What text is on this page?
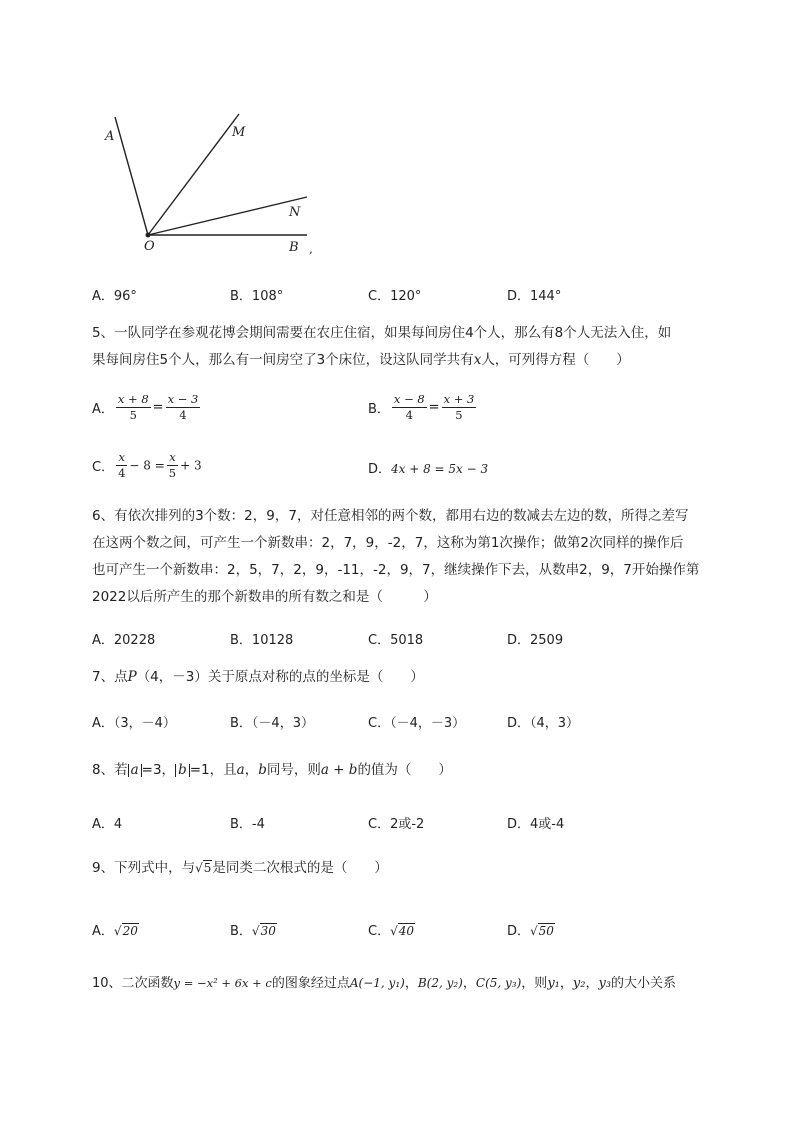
A	M
N
O	B ,
A．96°	B．108°	C．120°	D．144°
5、一队同学在参观花博会期间需要在农庄住宿，如果每间房住4个人，那么有8个人无法入住，如
果每间房住5个人，那么有一间房空了3个床位，设这队同学共有x人，可列得方程（　　）
A． $\frac{x + 8}{5} = \frac{x - 3}{4}$	B． $\frac{x - 8}{4} = \frac{x + 3}{5}$
C． $\frac{x}{4} - 8 = \frac{x}{5} + 3$	D．4x + 8 = 5x − 3
6、有依次排列的3个数：2，9，7，对任意相邻的两个数，都用右边的数减去左边的数，所得之差写
在这两个数之间，可产生一个新数串：2，7，9，-2，7，这称为第1次操作；做第2次同样的操作后
也可产生一个新数串：2，5，7，2，9，-11，-2，9，7，继续操作下去，从数串2，9，7开始操作第
2022以后所产生的那个新数串的所有数之和是（　　　）
A．20228	B．10128	C．5018	D．2509
7、点P（4，－3）关于原点对称的点的坐标是（　　）
A．（3，－4）	B．（－4，3）	C．（－4，－3）	D．（4，3）
8、若 a =3， b =1，且a，b同号，则a + b的值为（　　）
A．4	B．-4	C．2或-2	D．4或-4
9、下列式中，与√5是同类二次根式的是（　　）
A．√20	B．√30	C．√40	D．√50
10、二次函数y = −x² + 6x + c的图象经过点A(−1, y₁)，B(2, y₂)，C(5, y₃)，则y₁，y₂，y₃的大小关系
